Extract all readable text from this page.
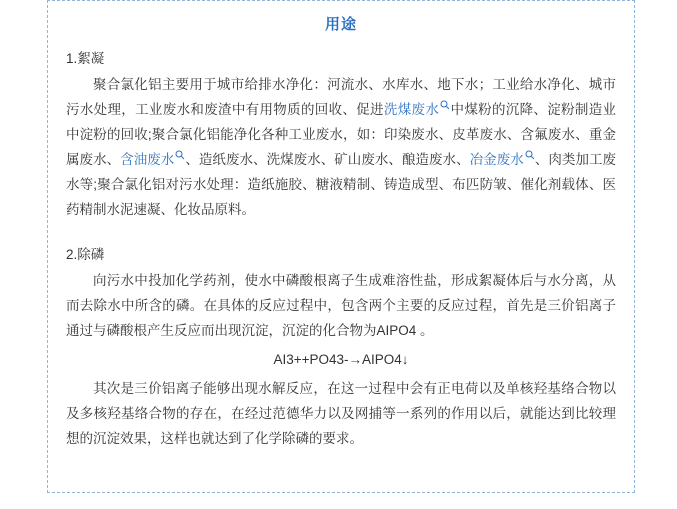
用途
1.絮凝

聚合氯化铝主要用于城市给排水净化：河流水、水库水、地下水；工业给水净化、城市污水处理，工业废水和废渣中有用物质的回收、促进洗煤废水 中煤粉的沉降、淀粉制造业中淀粉的回收;聚合氯化铝能净化各种工业废水，如：印染废水、皮革废水、含氟废水、重金属废水、含油废水 、造纸废水、洗煤废水、矿山废水、酿造废水、冶金废水 、肉类加工废水等;聚合氯化铝对污水处理：造纸施胶、糖液精制、铸造成型、布匹防皱、催化剂载体、医药精制水泥速凝、化妆品原料。

2.除磷

向污水中投加化学药剂，使水中磷酸根离子生成难溶性盐，形成絮凝体后与水分离，从而去除水中所含的磷。在具体的反应过程中，包含两个主要的反应过程，首先是三价铝离子通过与磷酸根产生反应而出现沉淀，沉淀的化合物为AIPO4 。

AI3++PO43-→AIPO4↓

其次是三价铝离子能够出现水解反应，在这一过程中会有正电荷以及单核羟基络合物以及多核羟基络合物的存在，在经过范德华力以及网捕等一系列的作用以后，就能达到比较理想的沉淀效果，这样也就达到了化学除磷的要求。
